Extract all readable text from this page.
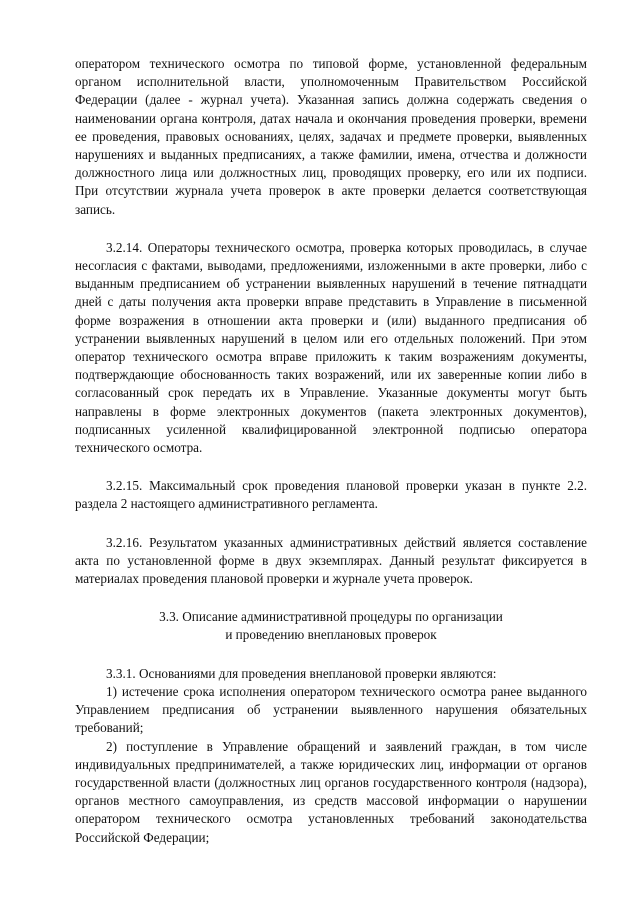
оператором технического осмотра по типовой форме, установленной федеральным органом исполнительной власти, уполномоченным Правительством Российской Федерации (далее - журнал учета). Указанная запись должна содержать сведения о наименовании органа контроля, датах начала и окончания проведения проверки, времени ее проведения, правовых основаниях, целях, задачах и предмете проверки, выявленных нарушениях и выданных предписаниях, а также фамилии, имена, отчества и должности должностного лица или должностных лиц, проводящих проверку, его или их подписи. При отсутствии журнала учета проверок в акте проверки делается соответствующая запись.

3.2.14. Операторы технического осмотра, проверка которых проводилась, в случае несогласия с фактами, выводами, предложениями, изложенными в акте проверки, либо с выданным предписанием об устранении выявленных нарушений в течение пятнадцати дней с даты получения акта проверки вправе представить в Управление в письменной форме возражения в отношении акта проверки и (или) выданного предписания об устранении выявленных нарушений в целом или его отдельных положений. При этом оператор технического осмотра вправе приложить к таким возражениям документы, подтверждающие обоснованность таких возражений, или их заверенные копии либо в согласованный срок передать их в Управление. Указанные документы могут быть направлены в форме электронных документов (пакета электронных документов), подписанных усиленной квалифицированной электронной подписью оператора технического осмотра.

3.2.15. Максимальный срок проведения плановой проверки указан в пункте 2.2. раздела 2 настоящего административного регламента.

3.2.16. Результатом указанных административных действий является составление акта по установленной форме в двух экземплярах. Данный результат фиксируется в материалах проведения плановой проверки и журнале учета проверок.

3.3. Описание административной процедуры по организации
и проведению внеплановых проверок

3.3.1. Основаниями для проведения внеплановой проверки являются:

1) истечение срока исполнения оператором технического осмотра ранее выданного Управлением предписания об устранении выявленного нарушения обязательных требований;

2) поступление в Управление обращений и заявлений граждан, в том числе индивидуальных предпринимателей, а также юридических лиц, информации от органов государственной власти (должностных лиц органов государственного контроля (надзора), органов местного самоуправления, из средств массовой информации о нарушении оператором технического осмотра установленных требований законодательства Российской Федерации;
